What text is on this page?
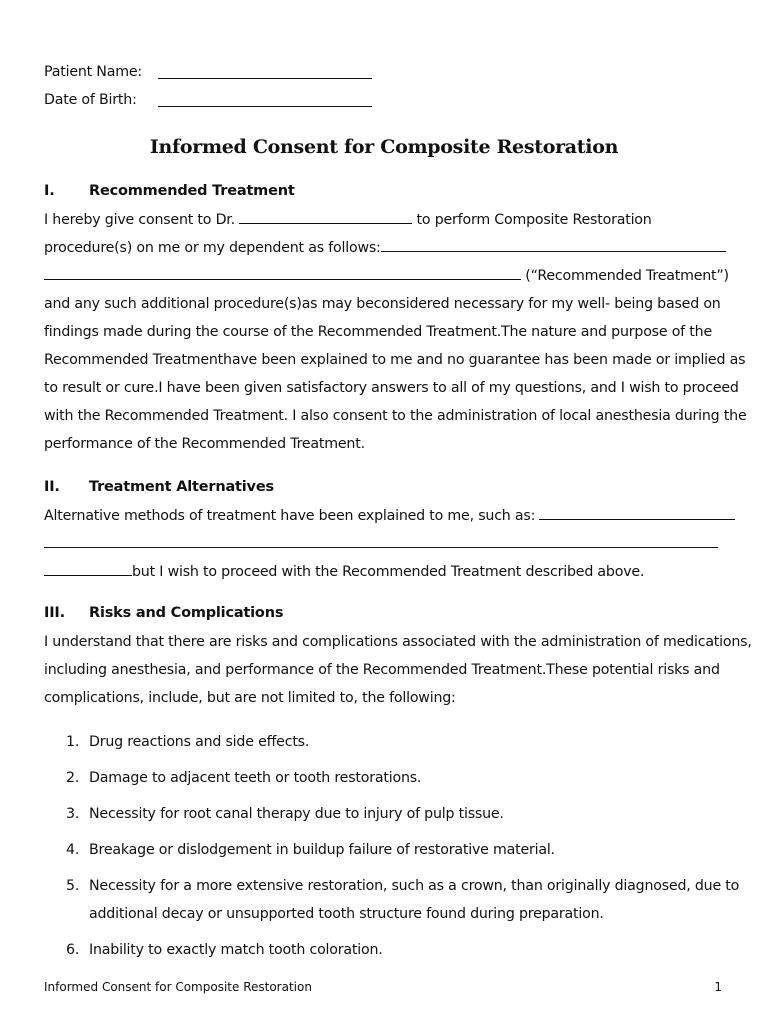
Patient Name:
Date of Birth:
Informed Consent for Composite Restoration
I. Recommended Treatment
I hereby give consent to Dr.	to perform Composite Restoration
procedure(s) on me or my dependent as follows:
(“Recommended Treatment”)
and any such additional procedure(s)as may beconsidered necessary for my well- being based on
findings made during the course of the Recommended Treatment.The nature and purpose of the
Recommended Treatmenthave been explained to me and no guarantee has been made or implied as
to result or cure.I have been given satisfactory answers to all of my questions, and I wish to proceed
with the Recommended Treatment. I also consent to the administration of local anesthesia during the
performance of the Recommended Treatment.
II. Treatment Alternatives
Alternative methods of treatment have been explained to me, such as:
but I wish to proceed with the Recommended Treatment described above.
III. Risks and Complications
I understand that there are risks and complications associated with the administration of medications,
including anesthesia, and performance of the Recommended Treatment.These potential risks and
complications, include, but are not limited to, the following:
1. Drug reactions and side effects.
2. Damage to adjacent teeth or tooth restorations.
3. Necessity for root canal therapy due to injury of pulp tissue.
4. Breakage or dislodgement in buildup failure of restorative material.
5. Necessity for a more extensive restoration, such as a crown, than originally diagnosed, due to
additional decay or unsupported tooth structure found during preparation.
6. Inability to exactly match tooth coloration.
Informed Consent for Composite Restoration	1
